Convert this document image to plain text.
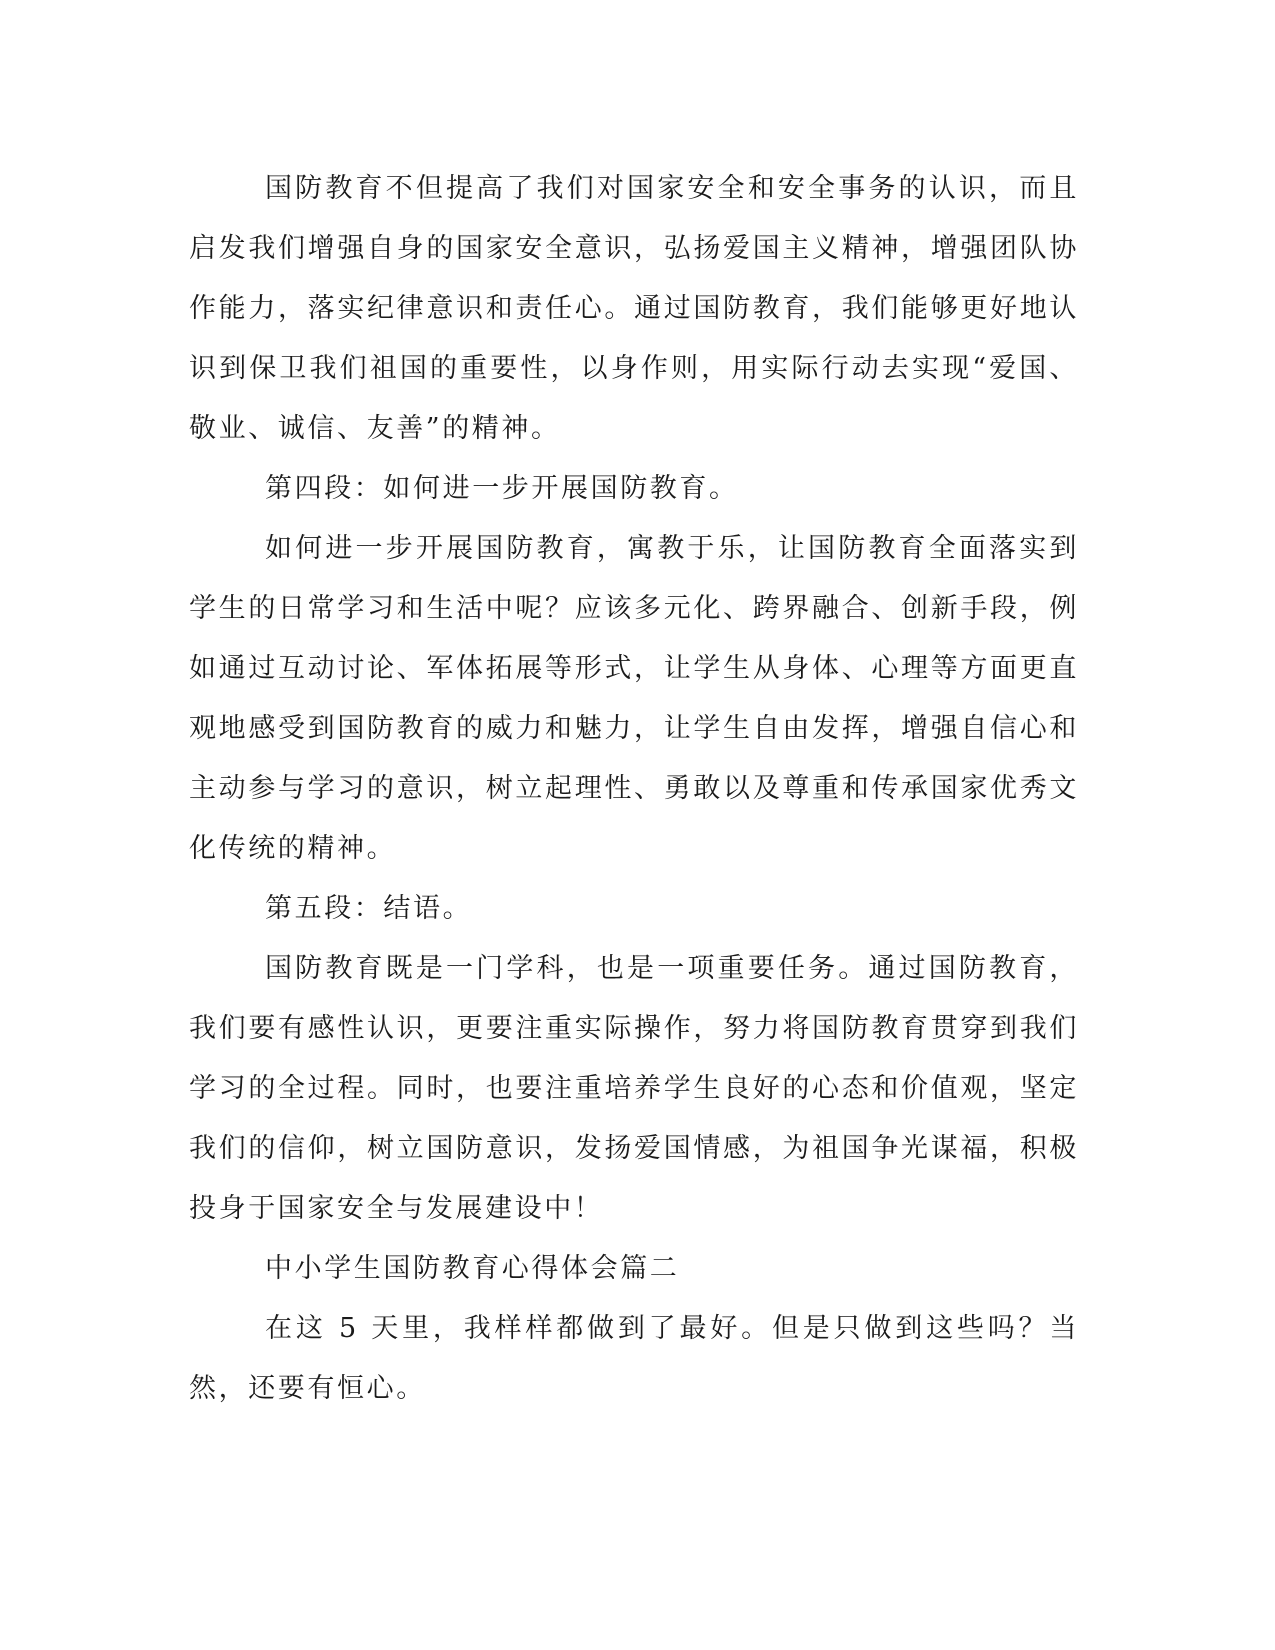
国防教育不但提高了我们对国家安全和安全事务的认识，而且启发我们增强自身的国家安全意识，弘扬爱国主义精神，增强团队协作能力，落实纪律意识和责任心。通过国防教育，我们能够更好地认识到保卫我们祖国的重要性，以身作则，用实际行动去实现“爱国、敬业、诚信、友善”的精神。

第四段：如何进一步开展国防教育。

如何进一步开展国防教育，寓教于乐，让国防教育全面落实到学生的日常学习和生活中呢？应该多元化、跨界融合、创新手段，例如通过互动讨论、军体拓展等形式，让学生从身体、心理等方面更直观地感受到国防教育的威力和魅力，让学生自由发挥，增强自信心和主动参与学习的意识，树立起理性、勇敢以及尊重和传承国家优秀文化传统的精神。

第五段：结语。

国防教育既是一门学科，也是一项重要任务。通过国防教育，我们要有感性认识，更要注重实际操作，努力将国防教育贯穿到我们学习的全过程。同时，也要注重培养学生良好的心态和价值观，坚定我们的信仰，树立国防意识，发扬爱国情感，为祖国争光谋福，积极投身于国家安全与发展建设中！

中小学生国防教育心得体会篇二

在这 5 天里，我样样都做到了最好。但是只做到这些吗？当然，还要有恒心。
